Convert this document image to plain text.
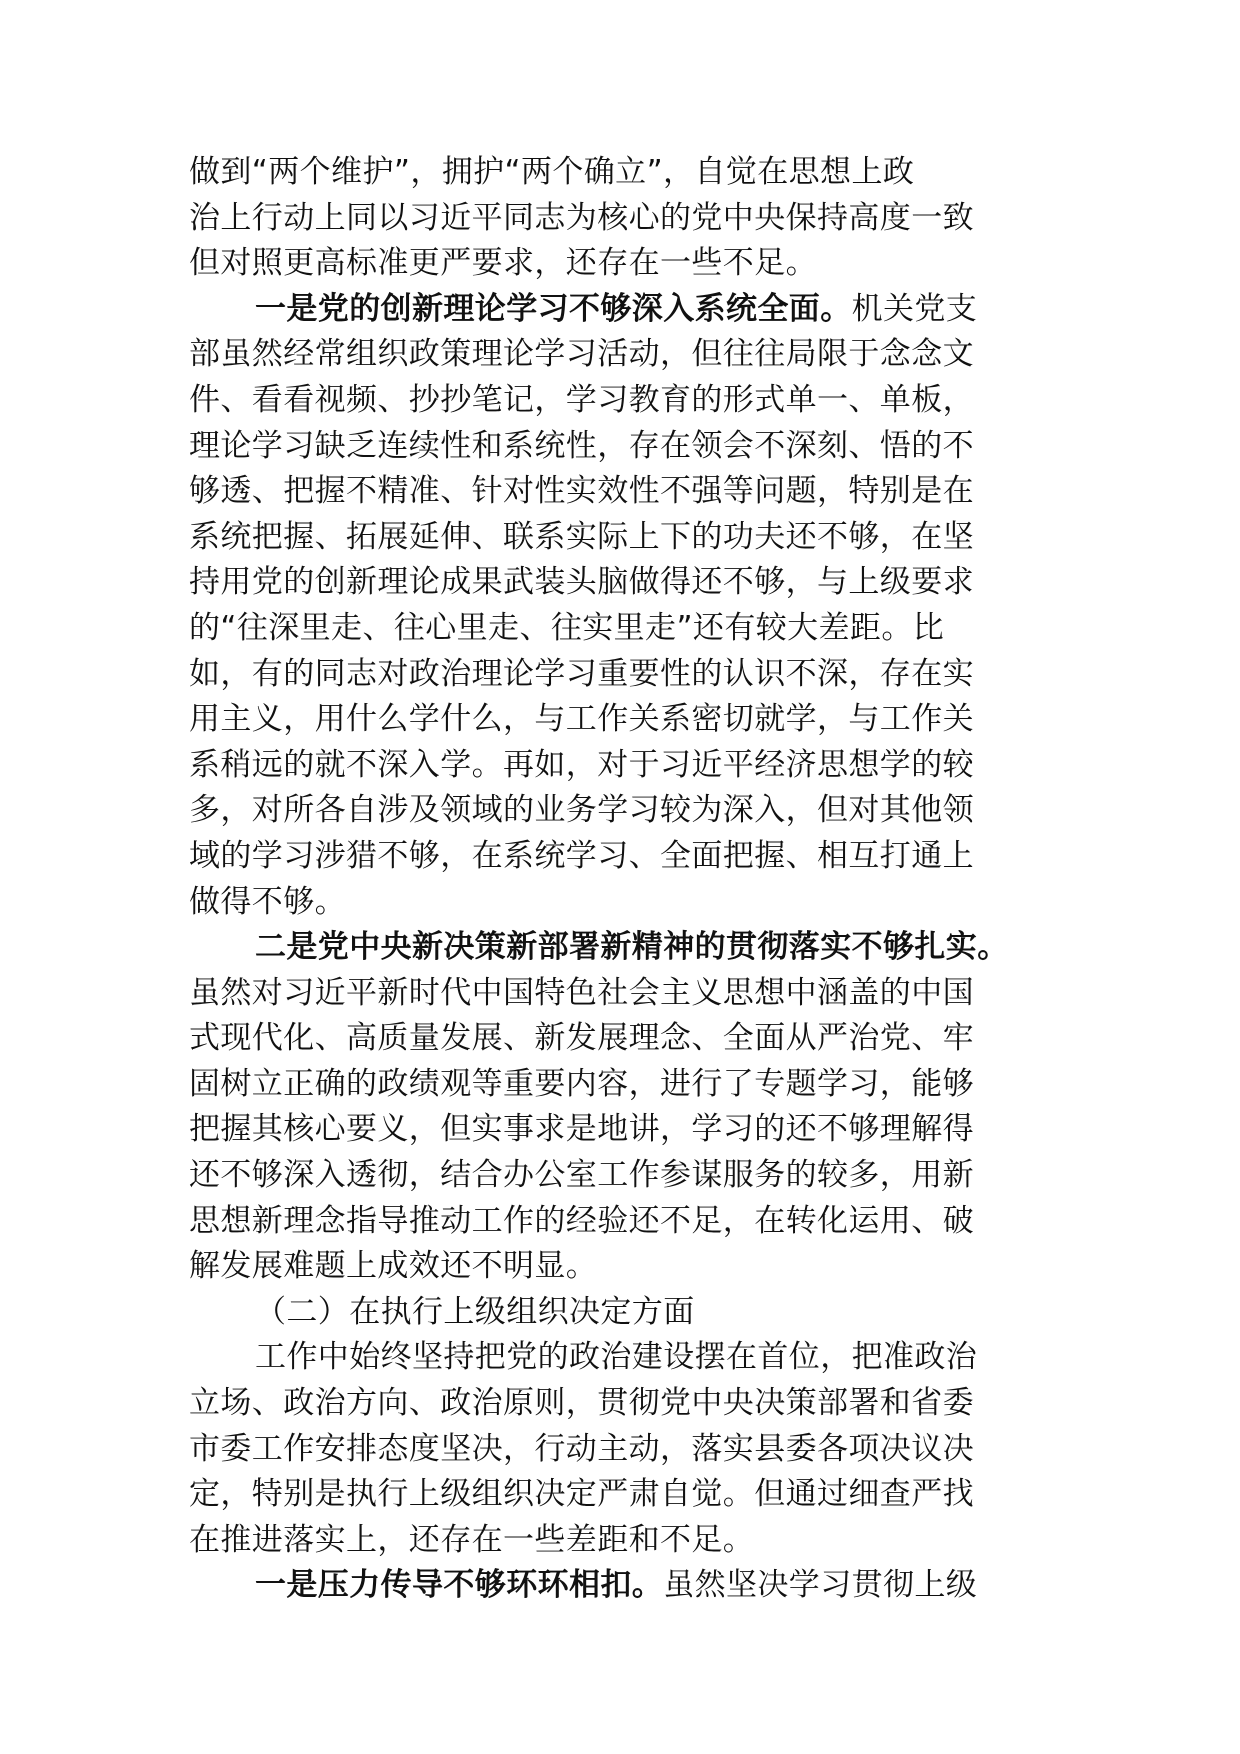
做到“两个维护”，拥护“两个确立”，自觉在思想上政
治上行动上同以习近平同志为核心的党中央保持高度一致
但对照更高标准更严要求，还存在一些不足。
一是党的创新理论学习不够深入系统全面。机关党支
部虽然经常组织政策理论学习活动，但往往局限于念念文
件、看看视频、抄抄笔记，学习教育的形式单一、单板，
理论学习缺乏连续性和系统性，存在领会不深刻、悟的不
够透、把握不精准、针对性实效性不强等问题，特别是在
系统把握、拓展延伸、联系实际上下的功夫还不够，在坚
持用党的创新理论成果武装头脑做得还不够，与上级要求
的“往深里走、往心里走、往实里走”还有较大差距。比
如，有的同志对政治理论学习重要性的认识不深，存在实
用主义，用什么学什么，与工作关系密切就学，与工作关
系稍远的就不深入学。再如，对于习近平经济思想学的较
多，对所各自涉及领域的业务学习较为深入，但对其他领
域的学习涉猎不够，在系统学习、全面把握、相互打通上
做得不够。
二是党中央新决策新部署新精神的贯彻落实不够扎实。
虽然对习近平新时代中国特色社会主义思想中涵盖的中国
式现代化、高质量发展、新发展理念、全面从严治党、牢
固树立正确的政绩观等重要内容，进行了专题学习，能够
把握其核心要义，但实事求是地讲，学习的还不够理解得
还不够深入透彻，结合办公室工作参谋服务的较多，用新
思想新理念指导推动工作的经验还不足，在转化运用、破
解发展难题上成效还不明显。
（二）在执行上级组织决定方面
工作中始终坚持把党的政治建设摆在首位，把准政治
立场、政治方向、政治原则，贯彻党中央决策部署和省委
市委工作安排态度坚决，行动主动，落实县委各项决议决
定，特别是执行上级组织决定严肃自觉。但通过细查严找
在推进落实上，还存在一些差距和不足。
一是压力传导不够环环相扣。虽然坚决学习贯彻上级
